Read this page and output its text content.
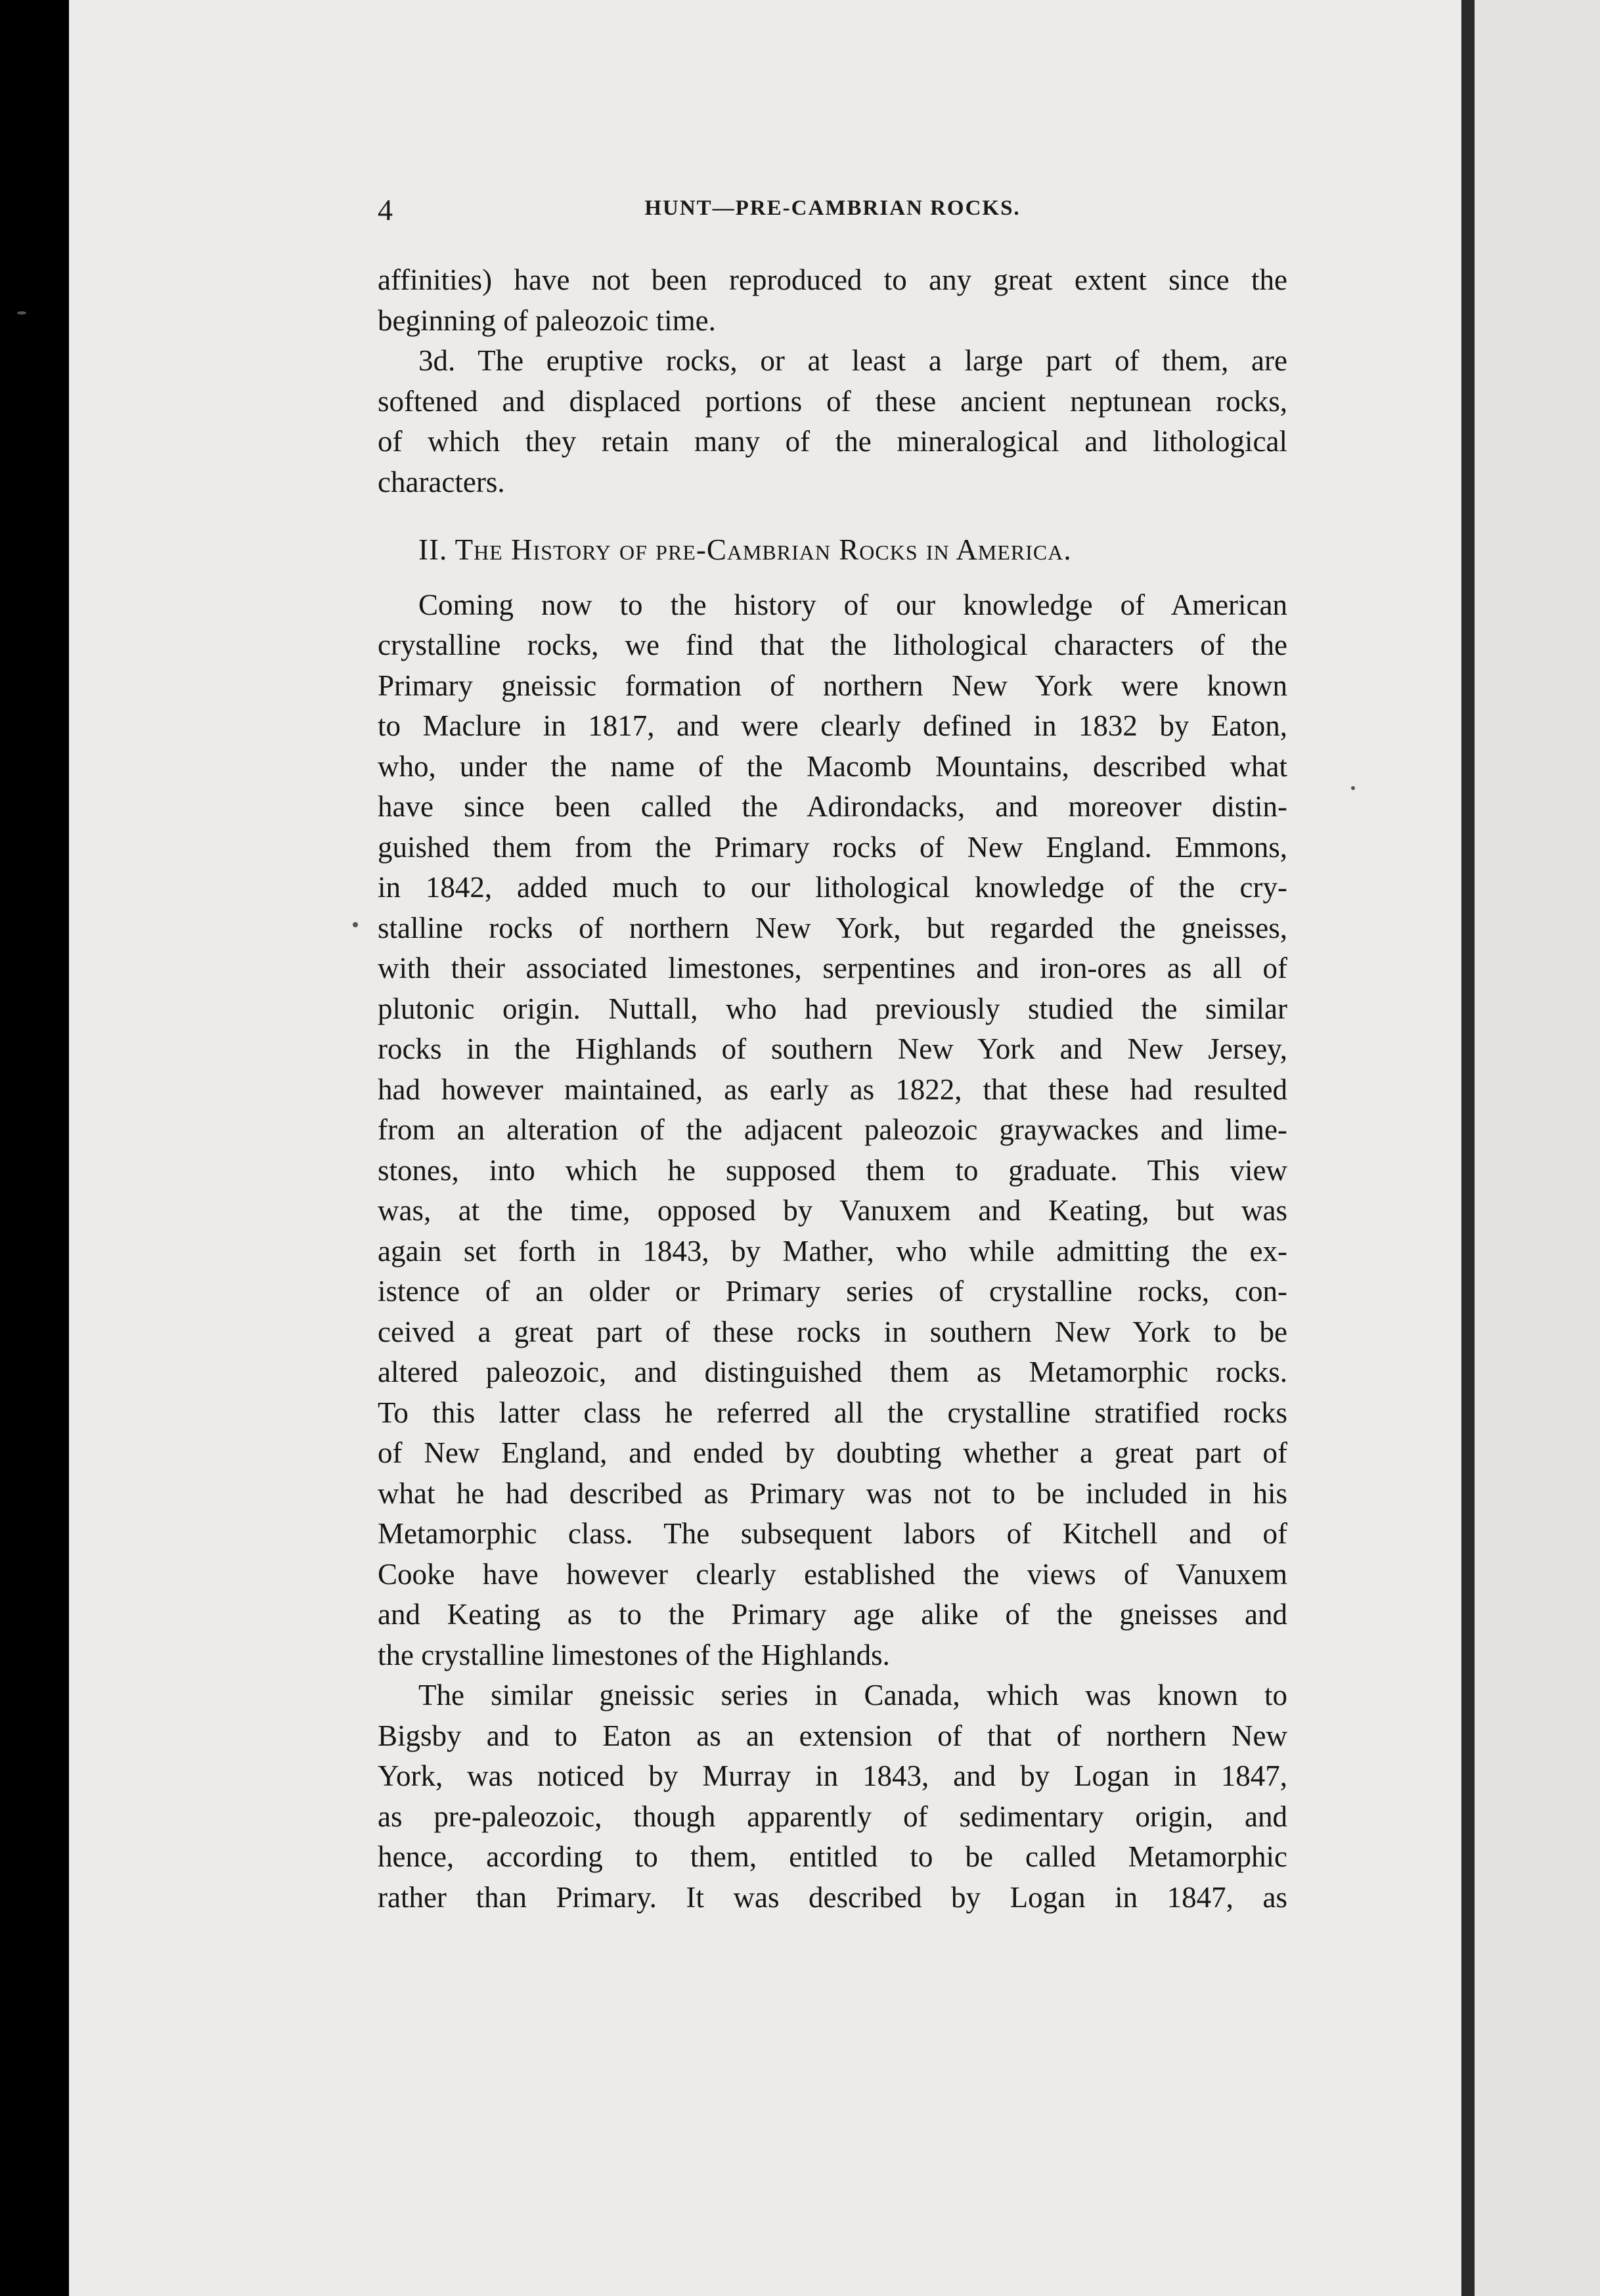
4	HUNT—PRE-CAMBRIAN ROCKS.

affinities) have not been reproduced to any great extent since the

beginning of paleozoic time.

3d. The eruptive rocks, or at least a large part of them, are

softened and displaced portions of these ancient neptunean rocks,

of which they retain many of the mineralogical and lithological

characters.

II. The History of pre-Cambrian Rocks in America.

Coming now to the history of our knowledge of American

crystalline rocks, we find that the lithological characters of the

Primary gneissic formation of northern New York were known

to Maclure in 1817, and were clearly defined in 1832 by Eaton,

who, under the name of the Macomb Mountains, described what

have since been called the Adirondacks, and moreover distin-

guished them from the Primary rocks of New England. Emmons,

in 1842, added much to our lithological knowledge of the cry-

stalline rocks of northern New York, but regarded the gneisses,

with their associated limestones, serpentines and iron-ores as all of

plutonic origin. Nuttall, who had previously studied the similar

rocks in the Highlands of southern New York and New Jersey,

had however maintained, as early as 1822, that these had resulted

from an alteration of the adjacent paleozoic graywackes and lime-

stones, into which he supposed them to graduate. This view

was, at the time, opposed by Vanuxem and Keating, but was

again set forth in 1843, by Mather, who while admitting the ex-

istence of an older or Primary series of crystalline rocks, con-

ceived a great part of these rocks in southern New York to be

altered paleozoic, and distinguished them as Metamorphic rocks.

To this latter class he referred all the crystalline stratified rocks

of New England, and ended by doubting whether a great part of

what he had described as Primary was not to be included in his

Metamorphic class. The subsequent labors of Kitchell and of

Cooke have however clearly established the views of Vanuxem

and Keating as to the Primary age alike of the gneisses and

the crystalline limestones of the Highlands.

The similar gneissic series in Canada, which was known to

Bigsby and to Eaton as an extension of that of northern New

York, was noticed by Murray in 1843, and by Logan in 1847,

as pre-paleozoic, though apparently of sedimentary origin, and

hence, according to them, entitled to be called Metamorphic

rather than Primary. It was described by Logan in 1847, as
